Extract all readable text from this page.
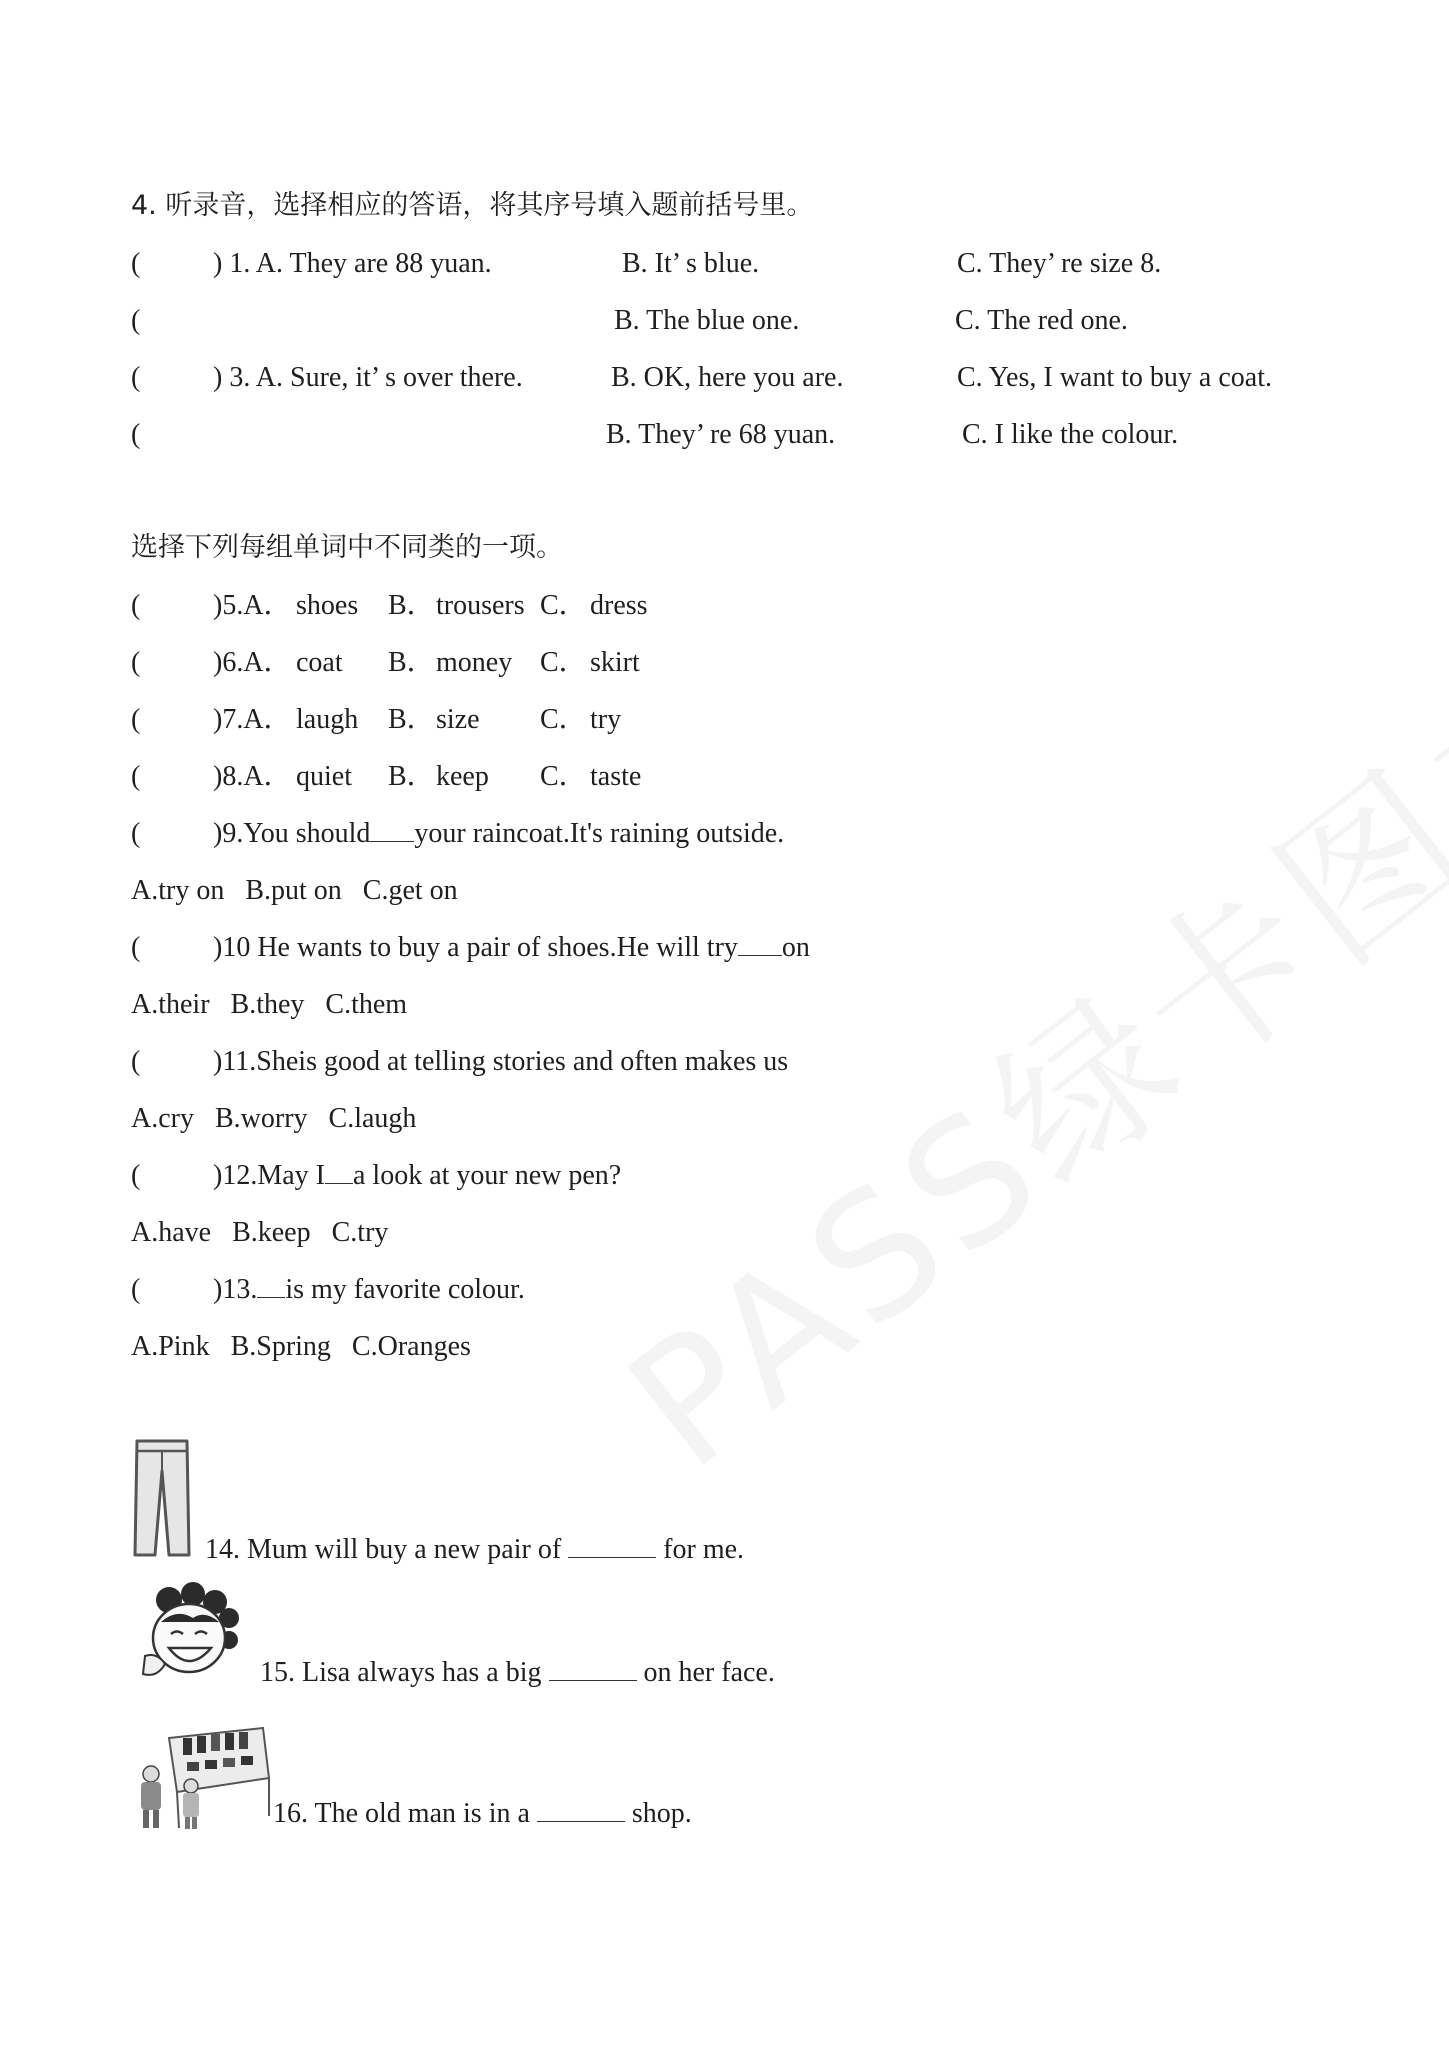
4. 听录音，选择相应的答语，将其序号填入题前括号里。
(	) 1. A. They are 88 yuan.	B. It’ s blue.	C. They’ re size 8.
(	B. The blue one.	C. The red one.
(	) 3. A. Sure, it’ s over there.	B. OK, here you are.	C. Yes, I want to buy a coat.
(	B. They’ re 68 yuan.	C. I like the colour.
选择下列每组单词中不同类的一项。
(	)5.A． shoes B． trousers C． dress
(	)6.A． coat B． money C． skirt
(	)7.A． laugh B． size C． try
(	)8.A． quiet B． keep C． taste
(	)9.You should your raincoat.It's raining outside.
A.try on   B.put on   C.get on
(	)10 He wants to buy a pair of shoes.He will try on
A.their   B.they   C.them
(	)11.Sheis good at telling stories and often makes us
A.cry   B.worry   C.laugh
(	)12.May I a look at your new pen?
A.have   B.keep   C.try
(	)13. is my favorite colour.
A.Pink   B.Spring   C.Oranges
14. Mum will buy a new pair of	for me.
15. Lisa always has a big	on her face.
16. The old man is in a	shop.
